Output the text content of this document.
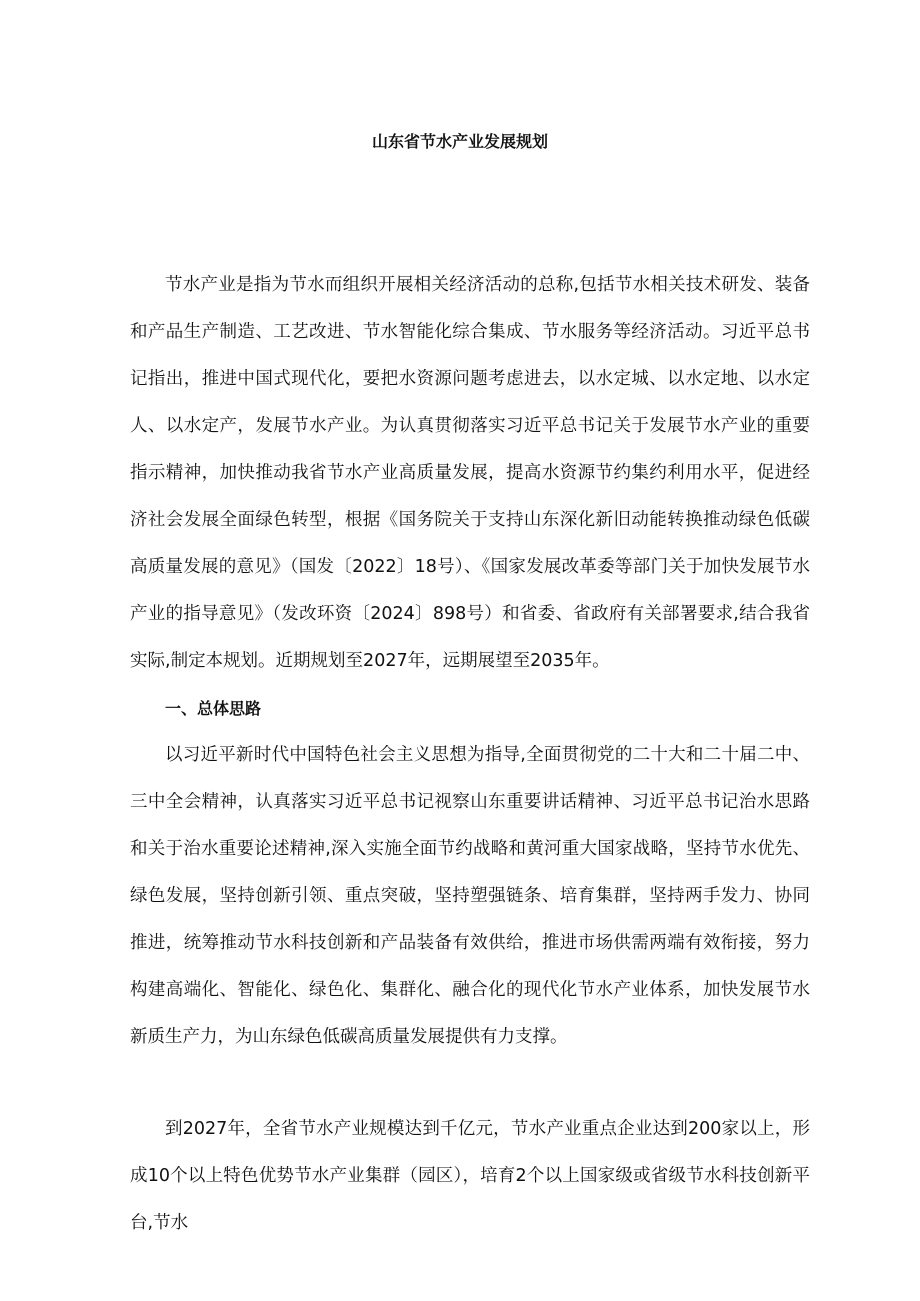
山东省节水产业发展规划

节水产业是指为节水而组织开展相关经济活动的总称,包括节水相关技术研发、装备和产品生产制造、工艺改进、节水智能化综合集成、节水服务等经济活动。习近平总书记指出，推进中国式现代化，要把水资源问题考虑进去，以水定城、以水定地、以水定人、以水定产，发展节水产业。为认真贯彻落实习近平总书记关于发展节水产业的重要指示精神，加快推动我省节水产业高质量发展，提高水资源节约集约利用水平，促进经济社会发展全面绿色转型，根据《国务院关于支持山东深化新旧动能转换推动绿色低碳高质量发展的意见》（国发〔2022〕18号）、《国家发展改革委等部门关于加快发展节水产业的指导意见》（发改环资〔2024〕898号）和省委、省政府有关部署要求,结合我省实际,制定本规划。近期规划至2027年，远期展望至2035年。

一、总体思路

以习近平新时代中国特色社会主义思想为指导,全面贯彻党的二十大和二十届二中、三中全会精神，认真落实习近平总书记视察山东重要讲话精神、习近平总书记治水思路和关于治水重要论述精神,深入实施全面节约战略和黄河重大国家战略，坚持节水优先、绿色发展，坚持创新引领、重点突破，坚持塑强链条、培育集群，坚持两手发力、协同推进，统筹推动节水科技创新和产品装备有效供给，推进市场供需两端有效衔接，努力构建高端化、智能化、绿色化、集群化、融合化的现代化节水产业体系，加快发展节水新质生产力，为山东绿色低碳高质量发展提供有力支撑。

到2027年，全省节水产业规模达到千亿元，节水产业重点企业达到200家以上，形成10个以上特色优势节水产业集群（园区），培育2个以上国家级或省级节水科技创新平台,节水
